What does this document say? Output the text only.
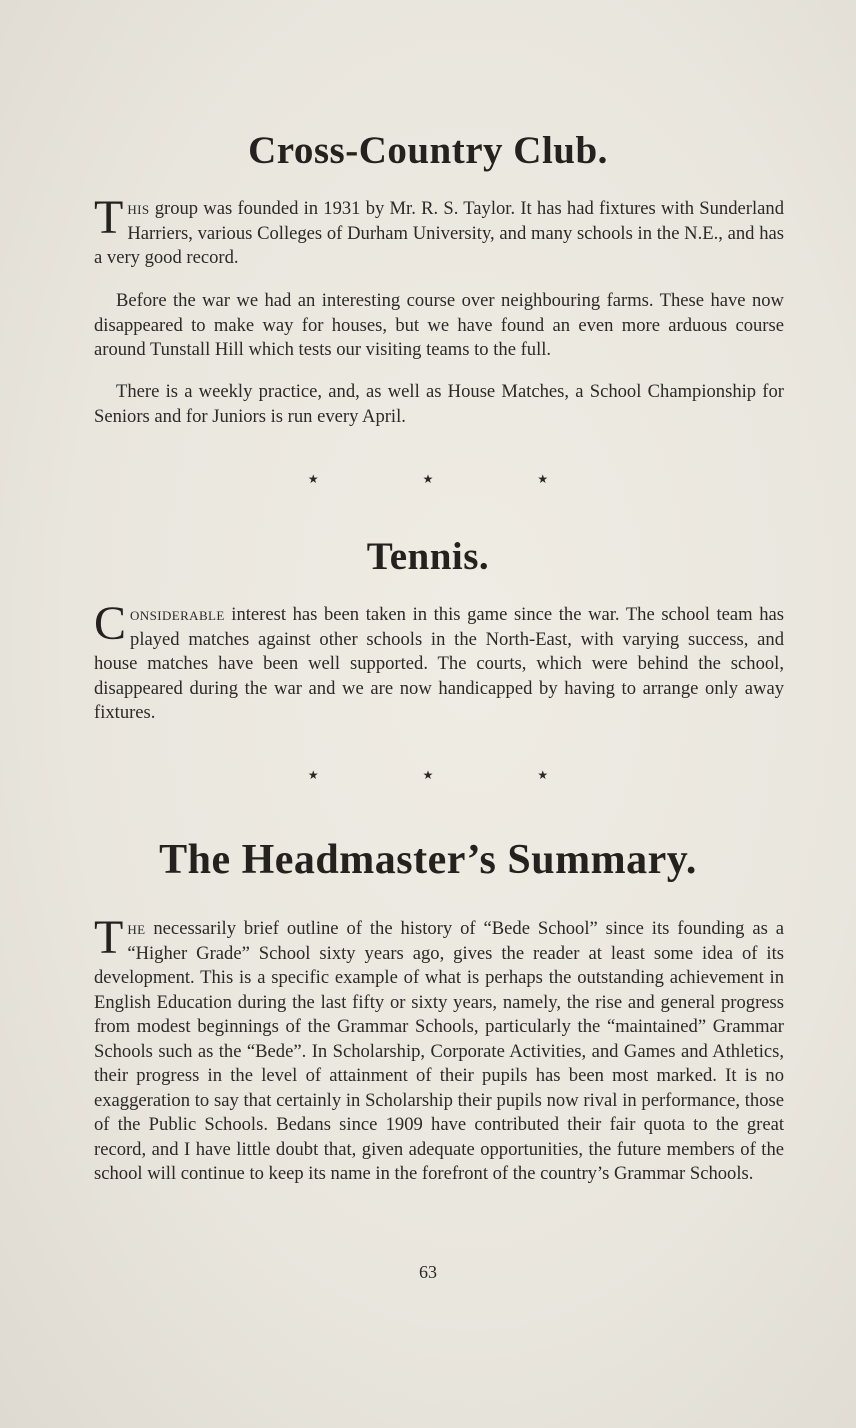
Cross-Country Club.

This group was founded in 1931 by Mr. R. S. Taylor. It has had fixtures with Sunderland Harriers, various Colleges of Durham University, and many schools in the N.E., and has a very good record.

Before the war we had an interesting course over neighbouring farms. These have now disappeared to make way for houses, but we have found an even more arduous course around Tunstall Hill which tests our visiting teams to the full.

There is a weekly practice, and, as well as House Matches, a School Championship for Seniors and for Juniors is run every April.

★	★	★
Tennis.

Considerable interest has been taken in this game since the war. The school team has played matches against other schools in the North-East, with varying success, and house matches have been well supported. The courts, which were behind the school, disappeared during the war and we are now handicapped by having to arrange only away fixtures.

★	★	★
The Headmaster’s Summary.

The necessarily brief outline of the history of “Bede School” since its founding as a “Higher Grade” School sixty years ago, gives the reader at least some idea of its development. This is a specific example of what is perhaps the outstanding achievement in English Education during the last fifty or sixty years, namely, the rise and general progress from modest beginnings of the Grammar Schools, particularly the “maintained” Grammar Schools such as the “Bede”. In Scholarship, Corporate Activities, and Games and Athletics, their progress in the level of attainment of their pupils has been most marked. It is no exaggeration to say that certainly in Scholarship their pupils now rival in performance, those of the Public Schools. Bedans since 1909 have contributed their fair quota to the great record, and I have little doubt that, given adequate opportunities, the future members of the school will continue to keep its name in the forefront of the country’s Grammar Schools.

63
